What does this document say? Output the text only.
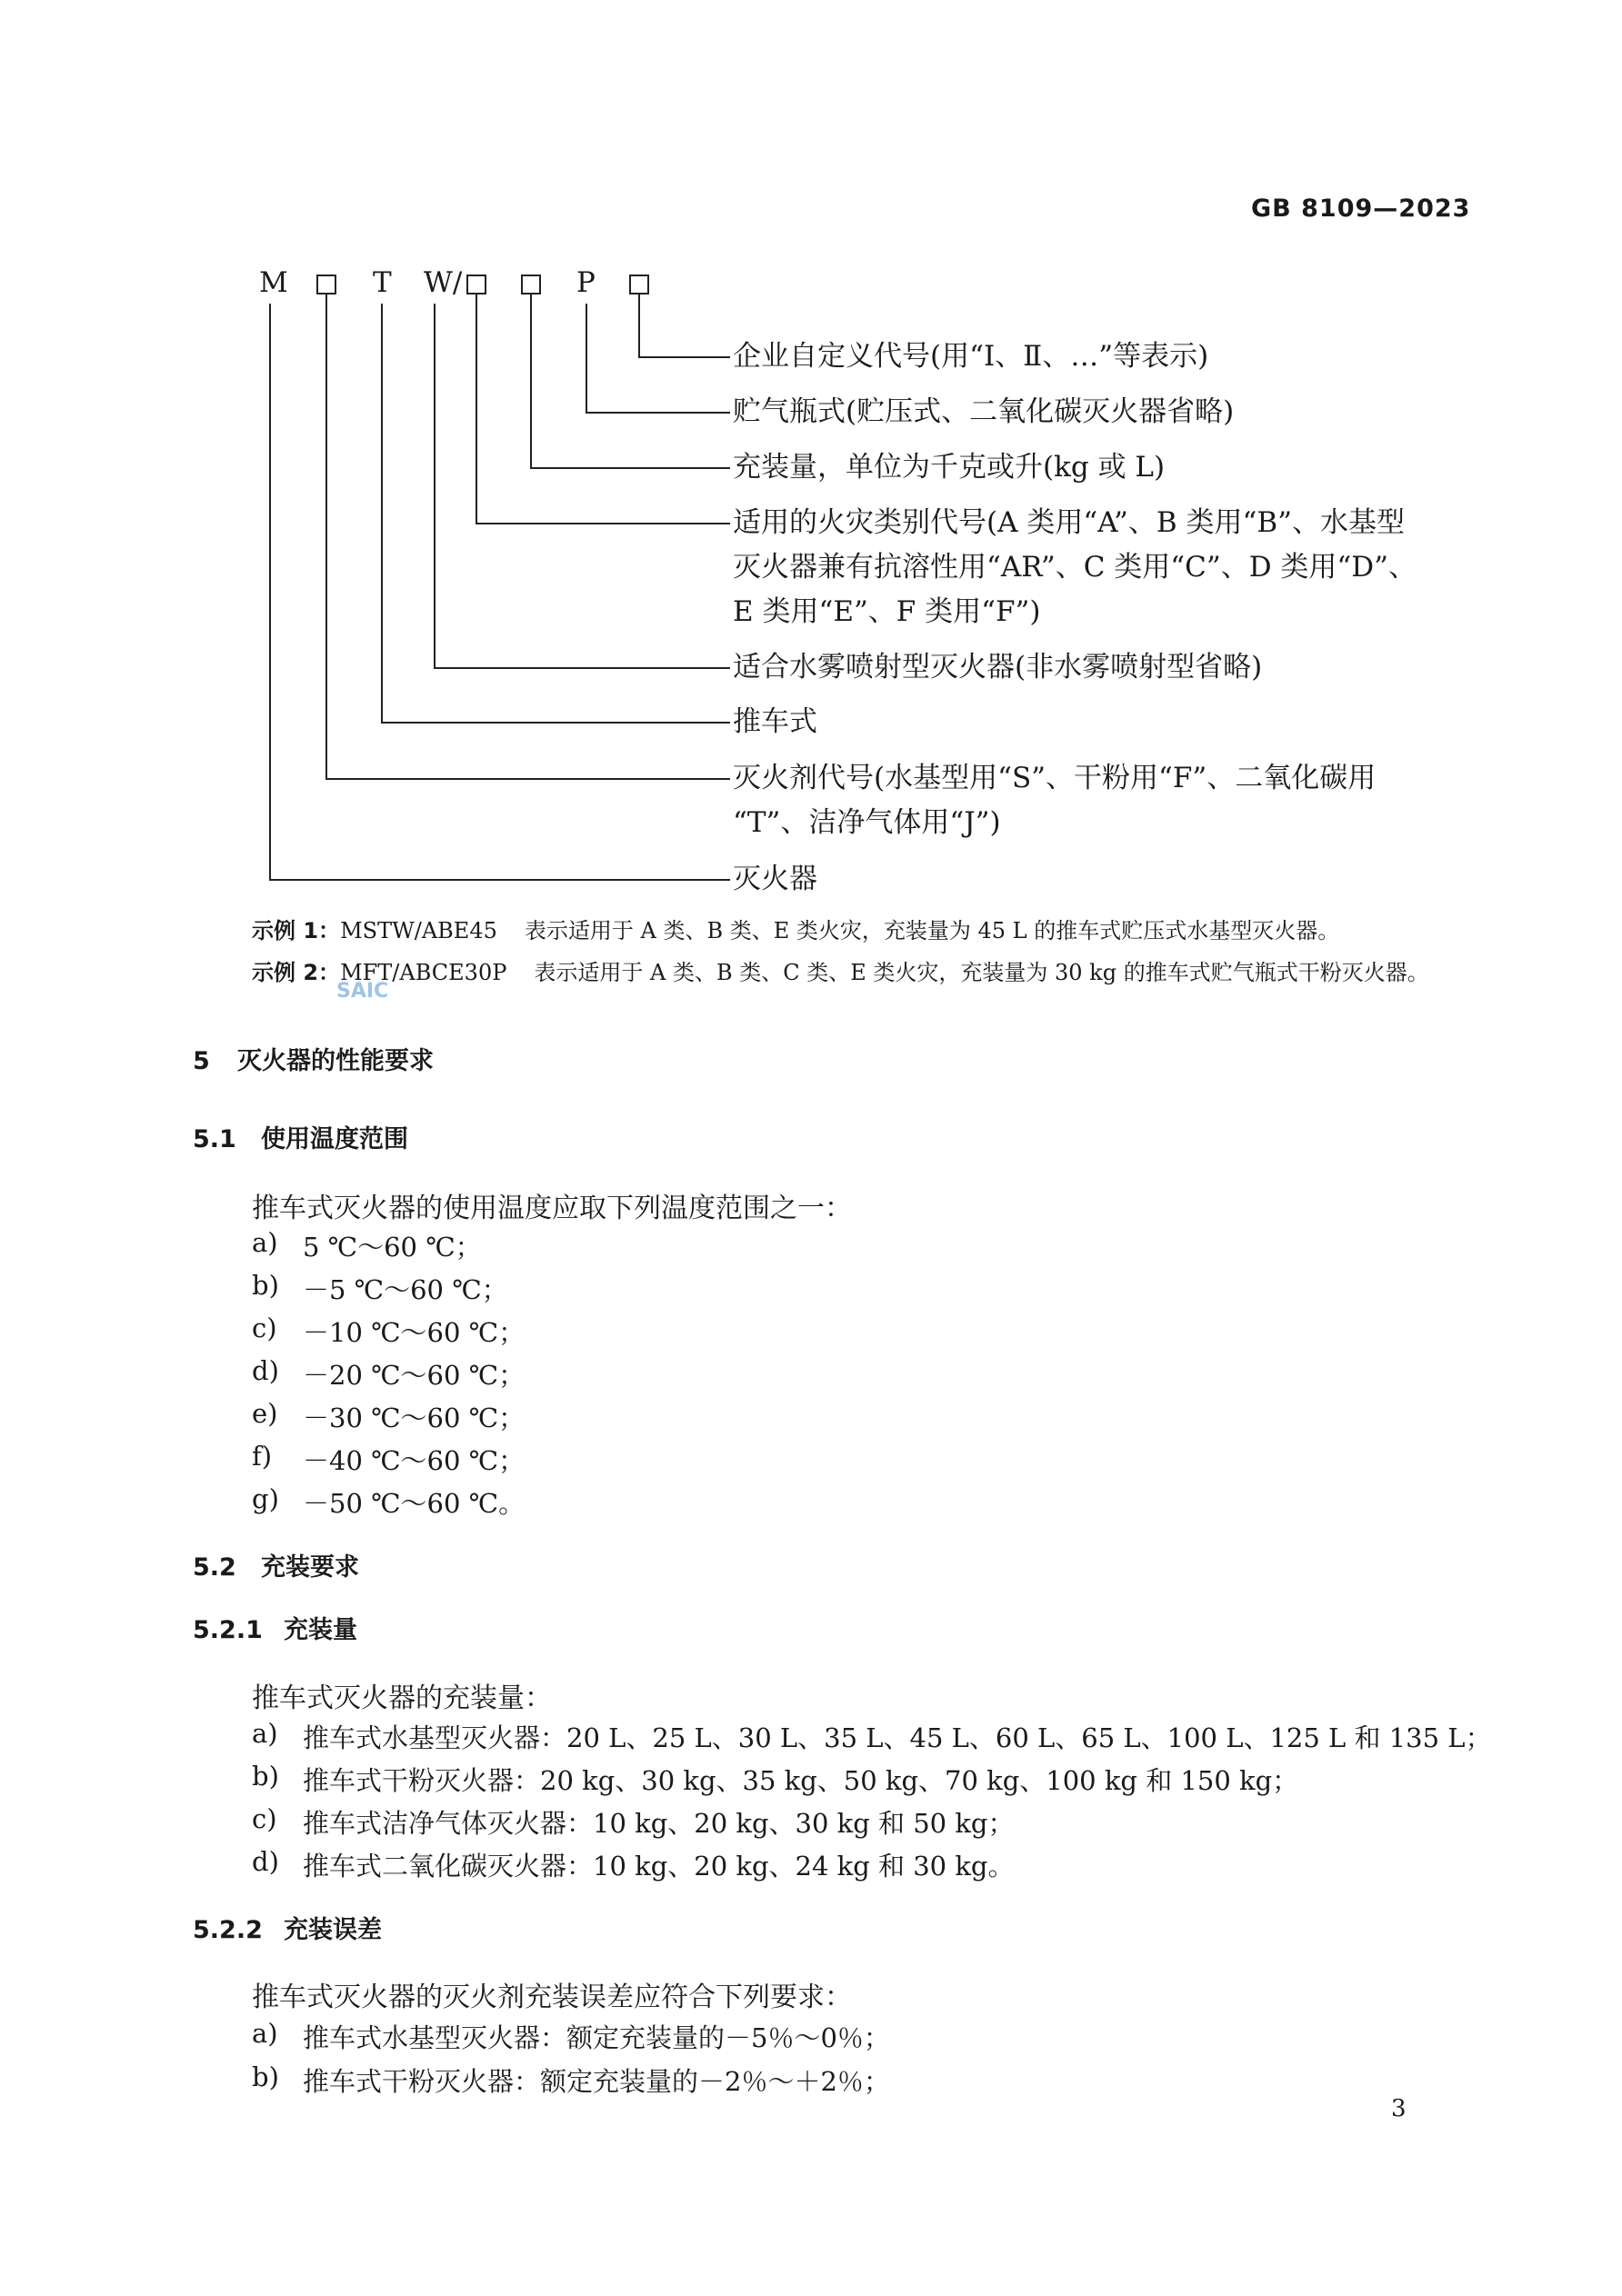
GB 8109—2023
M	T W/	P
企业自定义代号(用“Ⅰ、Ⅱ、…”等表示)
贮气瓶式(贮压式、二氧化碳灭火器省略)
充装量，单位为千克或升(kg 或 L)
适用的火灾类别代号(A 类用“A”、B 类用“B”、水基型
灭火器兼有抗溶性用“AR”、C 类用“C”、D 类用“D”、
E 类用“E”、F 类用“F”)
适合水雾喷射型灭火器(非水雾喷射型省略)
推车式
灭火剂代号(水基型用“S”、干粉用“F”、二氧化碳用
“T”、洁净气体用“J”)
灭火器
示例 1：MSTW/ABE45 表示适用于 A 类、B 类、E 类火灾，充装量为 45 L 的推车式贮压式水基型灭火器。
示例 2：MFT/ABCE30P 表示适用于 A 类、B 类、C 类、E 类火灾，充装量为 30 kg 的推车式贮气瓶式干粉灭火器。
SAIC
5 灭火器的性能要求
5.1 使用温度范围
推车式灭火器的使用温度应取下列温度范围之一：
a) 5 ℃～60 ℃；
b) －5 ℃～60 ℃；
c) －10 ℃～60 ℃；
d) －20 ℃～60 ℃；
e) －30 ℃～60 ℃；
f) －40 ℃～60 ℃；
g) －50 ℃～60 ℃。
5.2 充装要求
5.2.1 充装量
推车式灭火器的充装量：
a) 推车式水基型灭火器：20 L、25 L、30 L、35 L、45 L、60 L、65 L、100 L、125 L 和 135 L；
b) 推车式干粉灭火器：20 kg、30 kg、35 kg、50 kg、70 kg、100 kg 和 150 kg；
c) 推车式洁净气体灭火器：10 kg、20 kg、30 kg 和 50 kg；
d) 推车式二氧化碳灭火器：10 kg、20 kg、24 kg 和 30 kg。
5.2.2 充装误差
推车式灭火器的灭火剂充装误差应符合下列要求：
a) 推车式水基型灭火器：额定充装量的－5％～0％；
b) 推车式干粉灭火器：额定充装量的－2％～＋2％；
3
